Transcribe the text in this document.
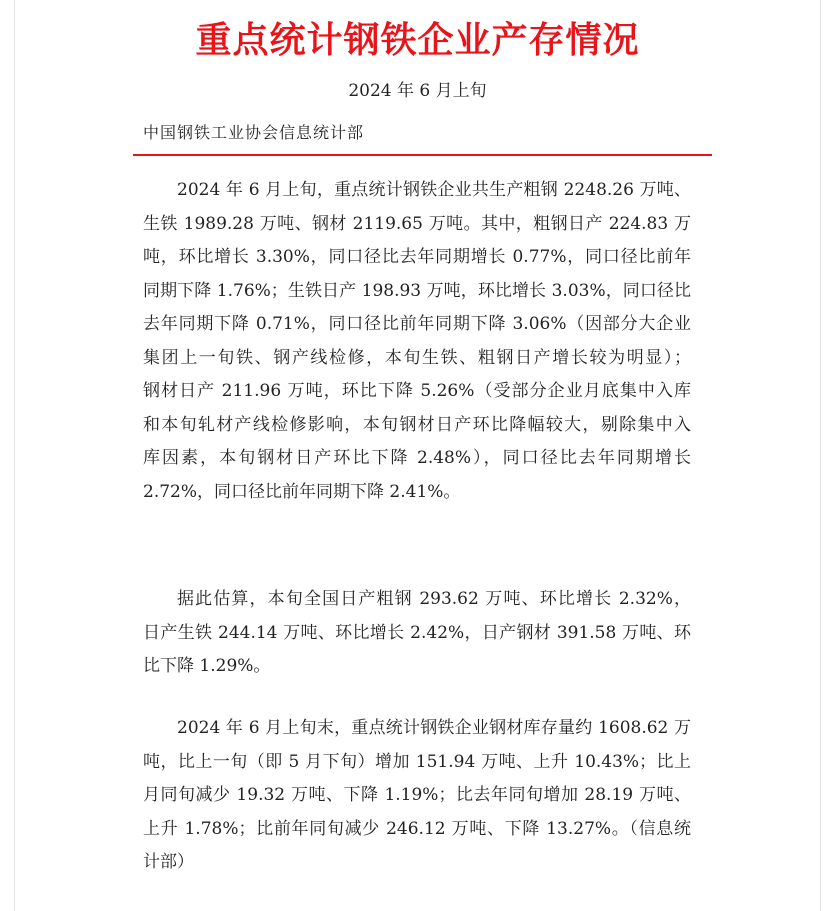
重点统计钢铁企业产存情况
2024 年 6 月上旬
中国钢铁工业协会信息统计部
2024 年 6 月上旬，重点统计钢铁企业共生产粗钢 2248.26 万吨、
生铁 1989.28 万吨、钢材 2119.65 万吨。其中，粗钢日产 224.83 万
吨，环比增长 3.30%，同口径比去年同期增长 0.77%，同口径比前年
同期下降 1.76%；生铁日产 198.93 万吨，环比增长 3.03%，同口径比
去年同期下降 0.71%，同口径比前年同期下降 3.06%（因部分大企业
集团上一旬铁、钢产线检修，本旬生铁、粗钢日产增长较为明显）；
钢材日产 211.96 万吨，环比下降 5.26%（受部分企业月底集中入库
和本旬轧材产线检修影响，本旬钢材日产环比降幅较大，剔除集中入
库因素，本旬钢材日产环比下降 2.48%），同口径比去年同期增长
2.72%，同口径比前年同期下降 2.41%。
据此估算，本旬全国日产粗钢 293.62 万吨、环比增长 2.32%，
日产生铁 244.14 万吨、环比增长 2.42%，日产钢材 391.58 万吨、环
比下降 1.29%。
2024 年 6 月上旬末，重点统计钢铁企业钢材库存量约 1608.62 万
吨，比上一旬（即 5 月下旬）增加 151.94 万吨、上升 10.43%；比上
月同旬减少 19.32 万吨、下降 1.19%；比去年同旬增加 28.19 万吨、
上升 1.78%；比前年同旬减少 246.12 万吨、下降 13.27%。（信息统
计部）
